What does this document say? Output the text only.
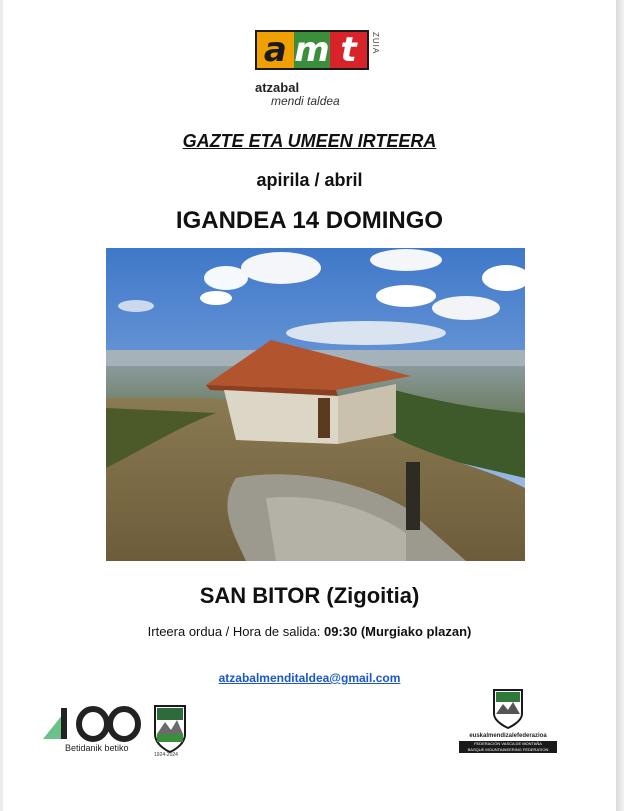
a m t	ZUIA
atzabal
mendi taldea
GAZTE ETA UMEEN IRTEERA
apirila / abril
IGANDEA 14 DOMINGO
SAN BITOR (Zigoitia)
Irteera ordua / Hora de salida: 09:30 (Murgiako plazan)
atzabalmenditaldea@gmail.com
Betidanik betiko
1924-2024
euskalmendizalefederazioa
FEDERACIÓN VASCA DE MONTAÑA
BASQUE MOUNTAINEERING FEDERATION
